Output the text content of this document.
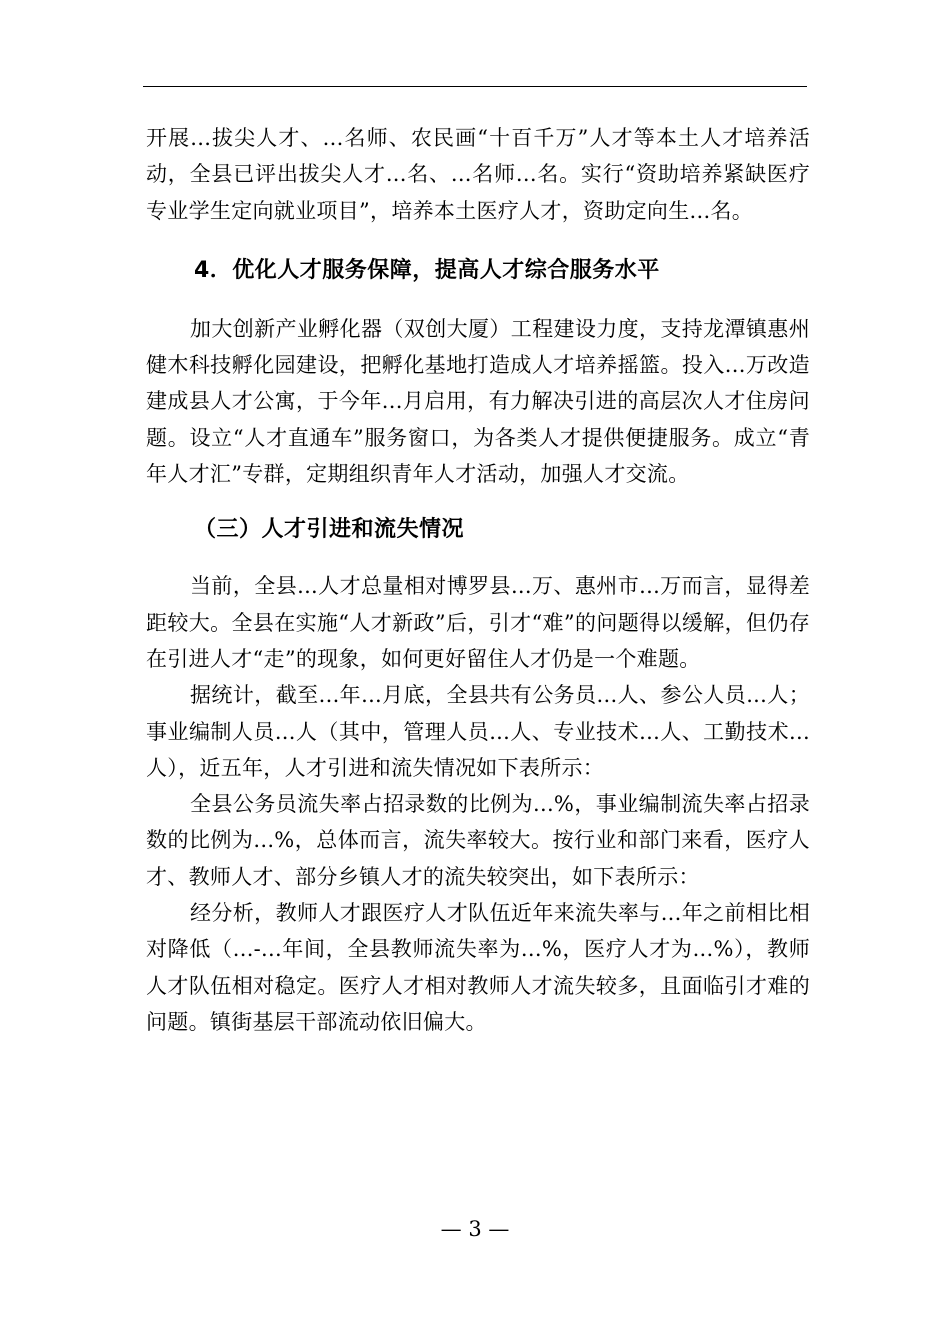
开展...拔尖人才、...名师、农民画“十百千万”人才等本土人才培养活动，全县已评出拔尖人才...名、...名师...名。实行“资助培养紧缺医疗专业学生定向就业项目”，培养本土医疗人才，资助定向生...名。

4．优化人才服务保障，提高人才综合服务水平

加大创新产业孵化器（双创大厦）工程建设力度，支持龙潭镇惠州健木科技孵化园建设，把孵化基地打造成人才培养摇篮。投入...万改造建成县人才公寓，于今年...月启用，有力解决引进的高层次人才住房问题。设立“人才直通车”服务窗口，为各类人才提供便捷服务。成立“青年人才汇”专群，定期组织青年人才活动，加强人才交流。

（三）人才引进和流失情况

当前，全县...人才总量相对博罗县...万、惠州市...万而言，显得差距较大。全县在实施“人才新政”后，引才“难”的问题得以缓解，但仍存在引进人才“走”的现象，如何更好留住人才仍是一个难题。

据统计，截至...年...月底，全县共有公务员...人、参公人员...人；事业编制人员...人（其中，管理人员...人、专业技术...人、工勤技术...人），近五年，人才引进和流失情况如下表所示：

全县公务员流失率占招录数的比例为...%，事业编制流失率占招录数的比例为...%，总体而言，流失率较大。按行业和部门来看，医疗人才、教师人才、部分乡镇人才的流失较突出，如下表所示：

经分析，教师人才跟医疗人才队伍近年来流失率与...年之前相比相对降低（...-...年间，全县教师流失率为...%，医疗人才为...%），教师人才队伍相对稳定。医疗人才相对教师人才流失较多，且面临引才难的问题。镇街基层干部流动依旧偏大。

— 3 —
